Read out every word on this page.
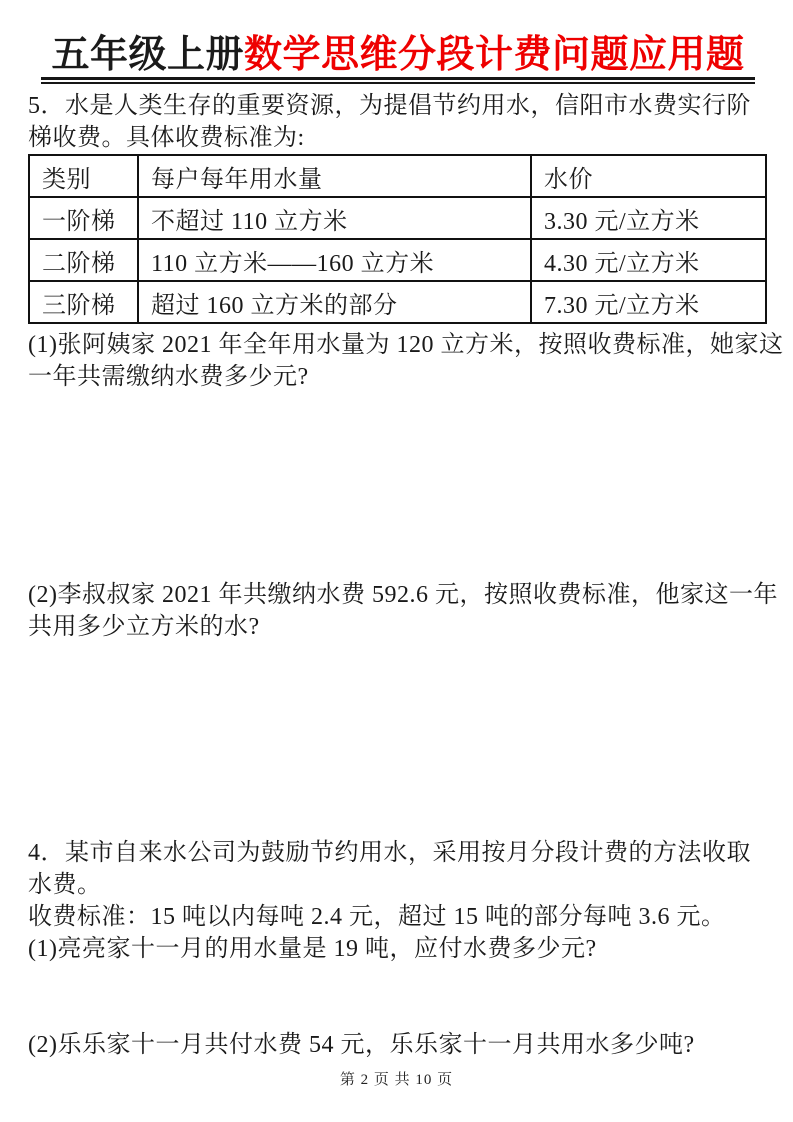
五年级上册数学思维分段计费问题应用题
5．水是人类生存的重要资源，为提倡节约用水，信阳市水费实行阶
梯收费。具体收费标准为:
类别	每户每年用水量	水价
一阶梯	不超过 110 立方米	3.30 元/立方米
二阶梯	110 立方米——160 立方米	4.30 元/立方米
三阶梯	超过 160 立方米的部分	7.30 元/立方米
(1)张阿姨家 2021 年全年用水量为 120 立方米，按照收费标准，她家这
一年共需缴纳水费多少元?
(2)李叔叔家 2021 年共缴纳水费 592.6 元，按照收费标准，他家这一年
共用多少立方米的水?
4．某市自来水公司为鼓励节约用水，采用按月分段计费的方法收取
水费。
收费标准：15 吨以内每吨 2.4 元，超过 15 吨的部分每吨 3.6 元。
(1)亮亮家十一月的用水量是 19 吨，应付水费多少元?
(2)乐乐家十一月共付水费 54 元，乐乐家十一月共用水多少吨?
第 2 页 共 10 页
